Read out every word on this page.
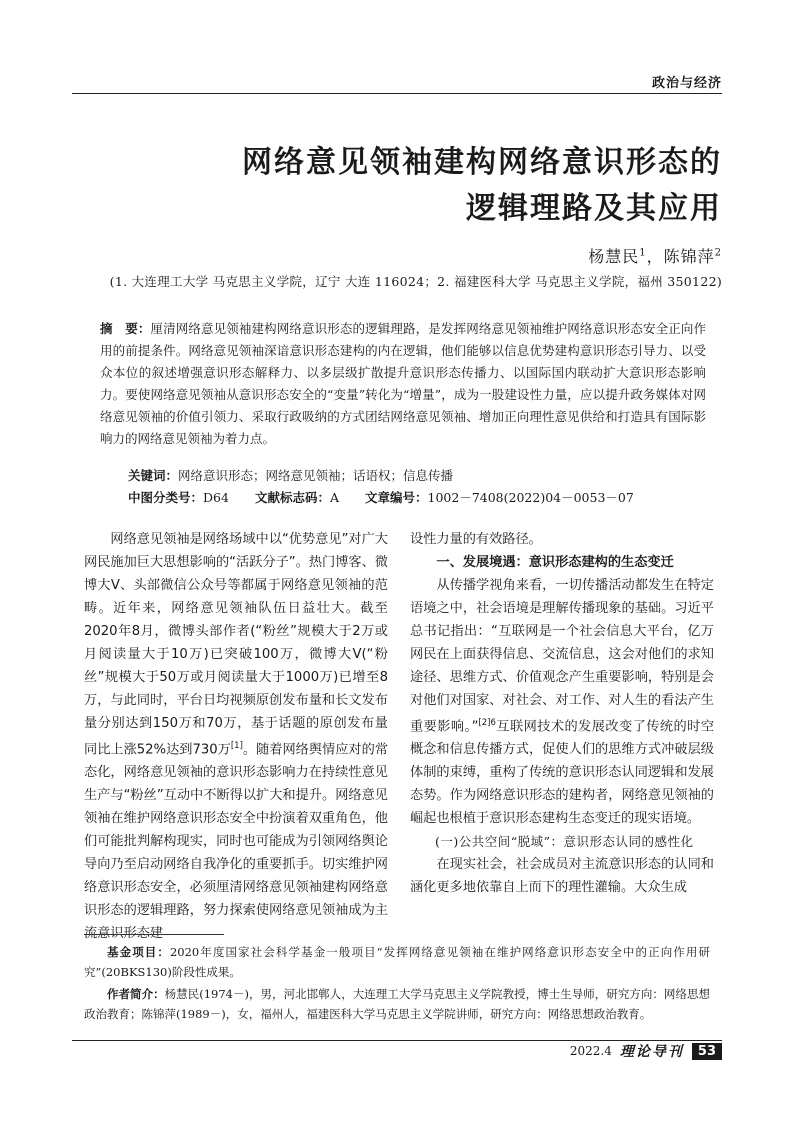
政治与经济
网络意见领袖建构网络意识形态的
逻辑理路及其应用
杨慧民$^1$，陈锦萍$^2$
(1. 大连理工大学 马克思主义学院，辽宁 大连 116024；2. 福建医科大学 马克思主义学院，福州 350122)

摘　要：厘清网络意见领袖建构网络意识形态的逻辑理路，是发挥网络意见领袖维护网络意识形态安全正向作用的前提条件。网络意见领袖深谙意识形态建构的内在逻辑，他们能够以信息优势建构意识形态引导力、以受众本位的叙述增强意识形态解释力、以多层级扩散提升意识形态传播力、以国际国内联动扩大意识形态影响力。要使网络意见领袖从意识形态安全的“变量”转化为“增量”，成为一股建设性力量，应以提升政务媒体对网络意见领袖的价值引领力、采取行政吸纳的方式团结网络意见领袖、增加正向理性意见供给和打造具有国际影响力的网络意见领袖为着力点。

关键词：网络意识形态；网络意见领袖；话语权；信息传播
中图分类号：D64 文献标志码：A 文章编号：1002－7408(2022)04－0053－07

网络意见领袖是网络场域中以“优势意见”对广大网民施加巨大思想影响的“活跃分子”。热门博客、微博大V、头部微信公众号等都属于网络意见领袖的范畴。近年来，网络意见领袖队伍日益壮大。截至2020年8月，微博头部作者(“粉丝”规模大于2万或月阅读量大于10万)已突破100万，微博大V(“粉丝”规模大于50万或月阅读量大于1000万)已增至8万，与此同时，平台日均视频原创发布量和长文发布量分别达到150万和70万，基于话题的原创发布量同比上涨52%达到730万[1]。随着网络舆情应对的常态化，网络意见领袖的意识形态影响力在持续性意见生产与“粉丝”互动中不断得以扩大和提升。网络意见领袖在维护网络意识形态安全中扮演着双重角色，他们可能批判解构现实，同时也可能成为引领网络舆论导向乃至启动网络自我净化的重要抓手。切实维护网络意识形态安全，必须厘清网络意见领袖建构网络意识形态的逻辑理路，努力探索使网络意见领袖成为主流意识形态建

设性力量的有效路径。

一、发展境遇：意识形态建构的生态变迁

从传播学视角来看，一切传播活动都发生在特定语境之中，社会语境是理解传播现象的基础。习近平总书记指出：“互联网是一个社会信息大平台，亿万网民在上面获得信息、交流信息，这会对他们的求知途径、思维方式、价值观念产生重要影响，特别是会对他们对国家、对社会、对工作、对人生的看法产生重要影响。”$^{[2]6}$互联网技术的发展改变了传统的时空概念和信息传播方式，促使人们的思维方式冲破层级体制的束缚，重构了传统的意识形态认同逻辑和发展态势。作为网络意识形态的建构者，网络意见领袖的崛起也根植于意识形态建构生态变迁的现实语境。

(一)公共空间“脱域”：意识形态认同的感性化

在现实社会，社会成员对主流意识形态的认同和涵化更多地依靠自上而下的理性灌输。大众生成

基金项目：2020年度国家社会科学基金一般项目“发挥网络意见领袖在维护网络意识形态安全中的正向作用研究”(20BKS130)阶段性成果。

作者简介：杨慧民(1974－)，男，河北邯郸人，大连理工大学马克思主义学院教授，博士生导师，研究方向：网络思想政治教育；陈锦萍(1989－)，女，福州人，福建医科大学马克思主义学院讲师，研究方向：网络思想政治教育。

2022.4 理论导刊	53
